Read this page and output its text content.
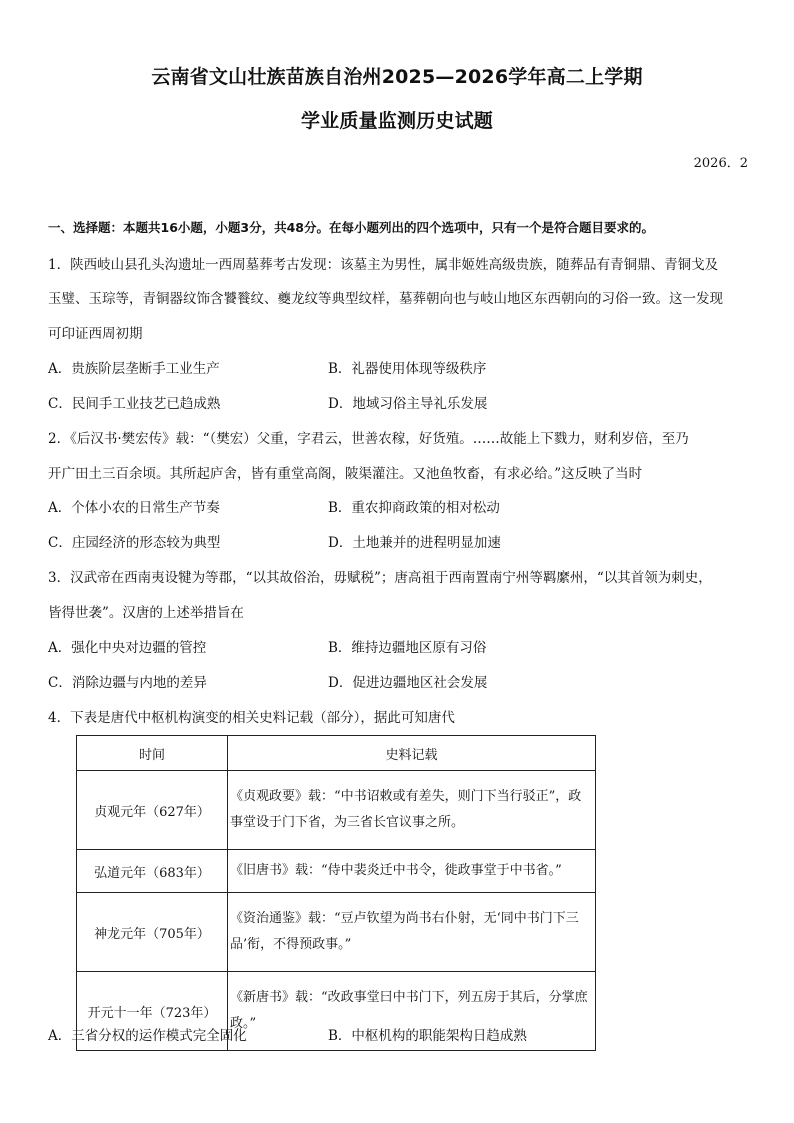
云南省文山壮族苗族自治州2025—2026学年高二上学期
学业质量监测历史试题
2026．2
一、选择题：本题共16小题，小题3分，共48分。在每小题列出的四个选项中，只有一个是符合题目要求的。
1．陕西岐山县孔头沟遗址一西周墓葬考古发现：该墓主为男性，属非姬姓高级贵族，随葬品有青铜鼎、青铜戈及
玉璧、玉琮等，青铜器纹饰含饕餮纹、夔龙纹等典型纹样，墓葬朝向也与岐山地区东西朝向的习俗一致。这一发现
可印证西周初期
A．贵族阶层垄断手工业生产	B．礼器使用体现等级秩序
C．民间手工业技艺已趋成熟	D．地域习俗主导礼乐发展
2．《后汉书·樊宏传》载：“（樊宏）父重，字君云，世善农稼，好货殖。……故能上下戮力，财利岁倍，至乃
开广田土三百余顷。其所起庐舍，皆有重堂高阁，陂渠灌注。又池鱼牧畜，有求必给。”这反映了当时
A．个体小农的日常生产节奏	B．重农抑商政策的相对松动
C．庄园经济的形态较为典型	D．土地兼并的进程明显加速
3．汉武帝在西南夷设犍为等郡，“以其故俗治，毋赋税”；唐高祖于西南置南宁州等羁縻州，“以其首领为刺史，
皆得世袭”。汉唐的上述举措旨在
A．强化中央对边疆的管控	B．维持边疆地区原有习俗
C．消除边疆与内地的差异	D．促进边疆地区社会发展
4．下表是唐代中枢机构演变的相关史料记载（部分），据此可知唐代
时间	史料记载
贞观元年（627年）	《贞观政要》载：“中书诏敕或有差失，则门下当行驳正”，政事堂设于门下省，为三省长官议事之所。
弘道元年（683年）	《旧唐书》载：“侍中裴炎迁中书令，徙政事堂于中书省。”
神龙元年（705年）	《资治通鉴》载：“豆卢钦望为尚书右仆射，无‘同中书门下三品’衔，不得预政事。”
开元十一年（723年）	《新唐书》载：“改政事堂曰中书门下，列五房于其后，分掌庶政。”
A．三省分权的运作模式完全固化	B．中枢机构的职能架构日趋成熟
